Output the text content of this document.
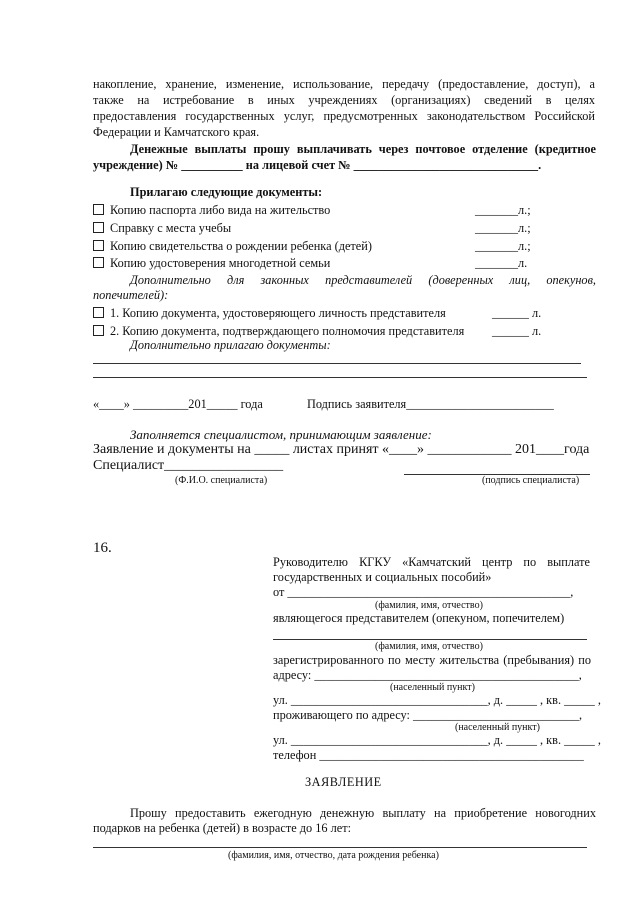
накопление, хранение, изменение, использование, передачу (предоставление, доступ), а
также на истребование в иных учреждениях (организациях) сведений в целях
предоставления государственных услуг, предусмотренных законодательством Российской
Федерации и Камчатского края.
Денежные выплаты прошу выплачивать через почтовое отделение (кредитное
учреждение) № __________ на лицевой счет № ______________________________.
Прилагаю следующие документы:
Копию паспорта либо вида на жительство	_______л.;
Справку с места учебы	_______л.;
Копию свидетельства о рождении ребенка (детей)	_______л.;
Копию удостоверения многодетной семьи	_______л.
Дополнительно для законных представителей (доверенных лиц, опекунов,
попечителей):
1. Копию документа, удостоверяющего личность представителя	______ л.
2. Копию документа, подтверждающего полномочия представителя ______ л.
Дополнительно прилагаю документы:
«____» _________201_____ года	Подпись заявителя________________________
Заполняется специалистом, принимающим заявление:
Заявление и документы на _____ листах принят «____» ____________ 201____года
Специалист_________________
(Ф.И.О. специалиста)	(подпись специалиста)
16.
Руководителю КГКУ «Камчатский центр по выплате
государственных и социальных пособий»
от ______________________________________________,
(фамилия, имя, отчество)
являющегося представителем (опекуном, попечителем)
(фамилия, имя, отчество)
зарегистрированного по месту жительства (пребывания) по
адресу: ___________________________________________,
(населенный пункт)
ул. ________________________________, д. _____ , кв. _____ ,
проживающего по адресу: ___________________________,
(населенный пункт)
ул. ________________________________, д. _____ , кв. _____ ,
телефон ___________________________________________
ЗАЯВЛЕНИЕ
Прошу предоставить ежегодную денежную выплату на приобретение новогодних
подарков на ребенка (детей) в возрасте до 16 лет:
(фамилия, имя, отчество, дата рождения ребенка)
